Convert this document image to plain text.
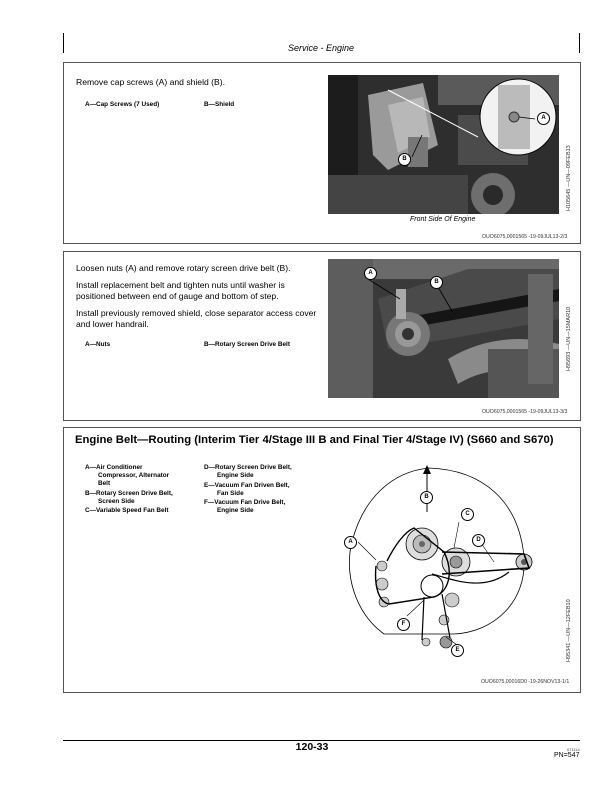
Service - Engine
Remove cap screws (A) and shield (B).
A—Cap Screws (7 Used)	B—Shield
A
B	H105645 —UN—09FEB13
Front Side Of Engine
OUO6075,0001565 -19-09JUL13-2/3
Loosen nuts (A) and remove rotary screen drive belt (B).
Install replacement belt and tighten nuts until washer is positioned between end of gauge and bottom of step.
Install previously removed shield, close separator access cover and lower handrail.
A—Nuts	B—Rotary Screen Drive Belt
A
B
H95693 —UN—15MAR10
OUO6075,0001565 -19-09JUL13-3/3
Engine Belt—Routing (Interim Tier 4/Stage III B and Final Tier 4/Stage IV) (S660 and S670)
A—Air Conditioner
Compressor, Alternator
Belt
B—Rotary Screen Drive Belt,
Screen Side
C—Variable Speed Fan Belt
D—Rotary Screen Drive Belt,
Engine Side
E—Vacuum Fan Driven Belt,
Fan Side
F—Vacuum Fan Drive Belt,
Engine Side
A
B
C
D
F
E	H95341 —UN—12FEB10
OUO6075,00016D0 -19-26NOV13-1/1
120-33	071114
PN=547
